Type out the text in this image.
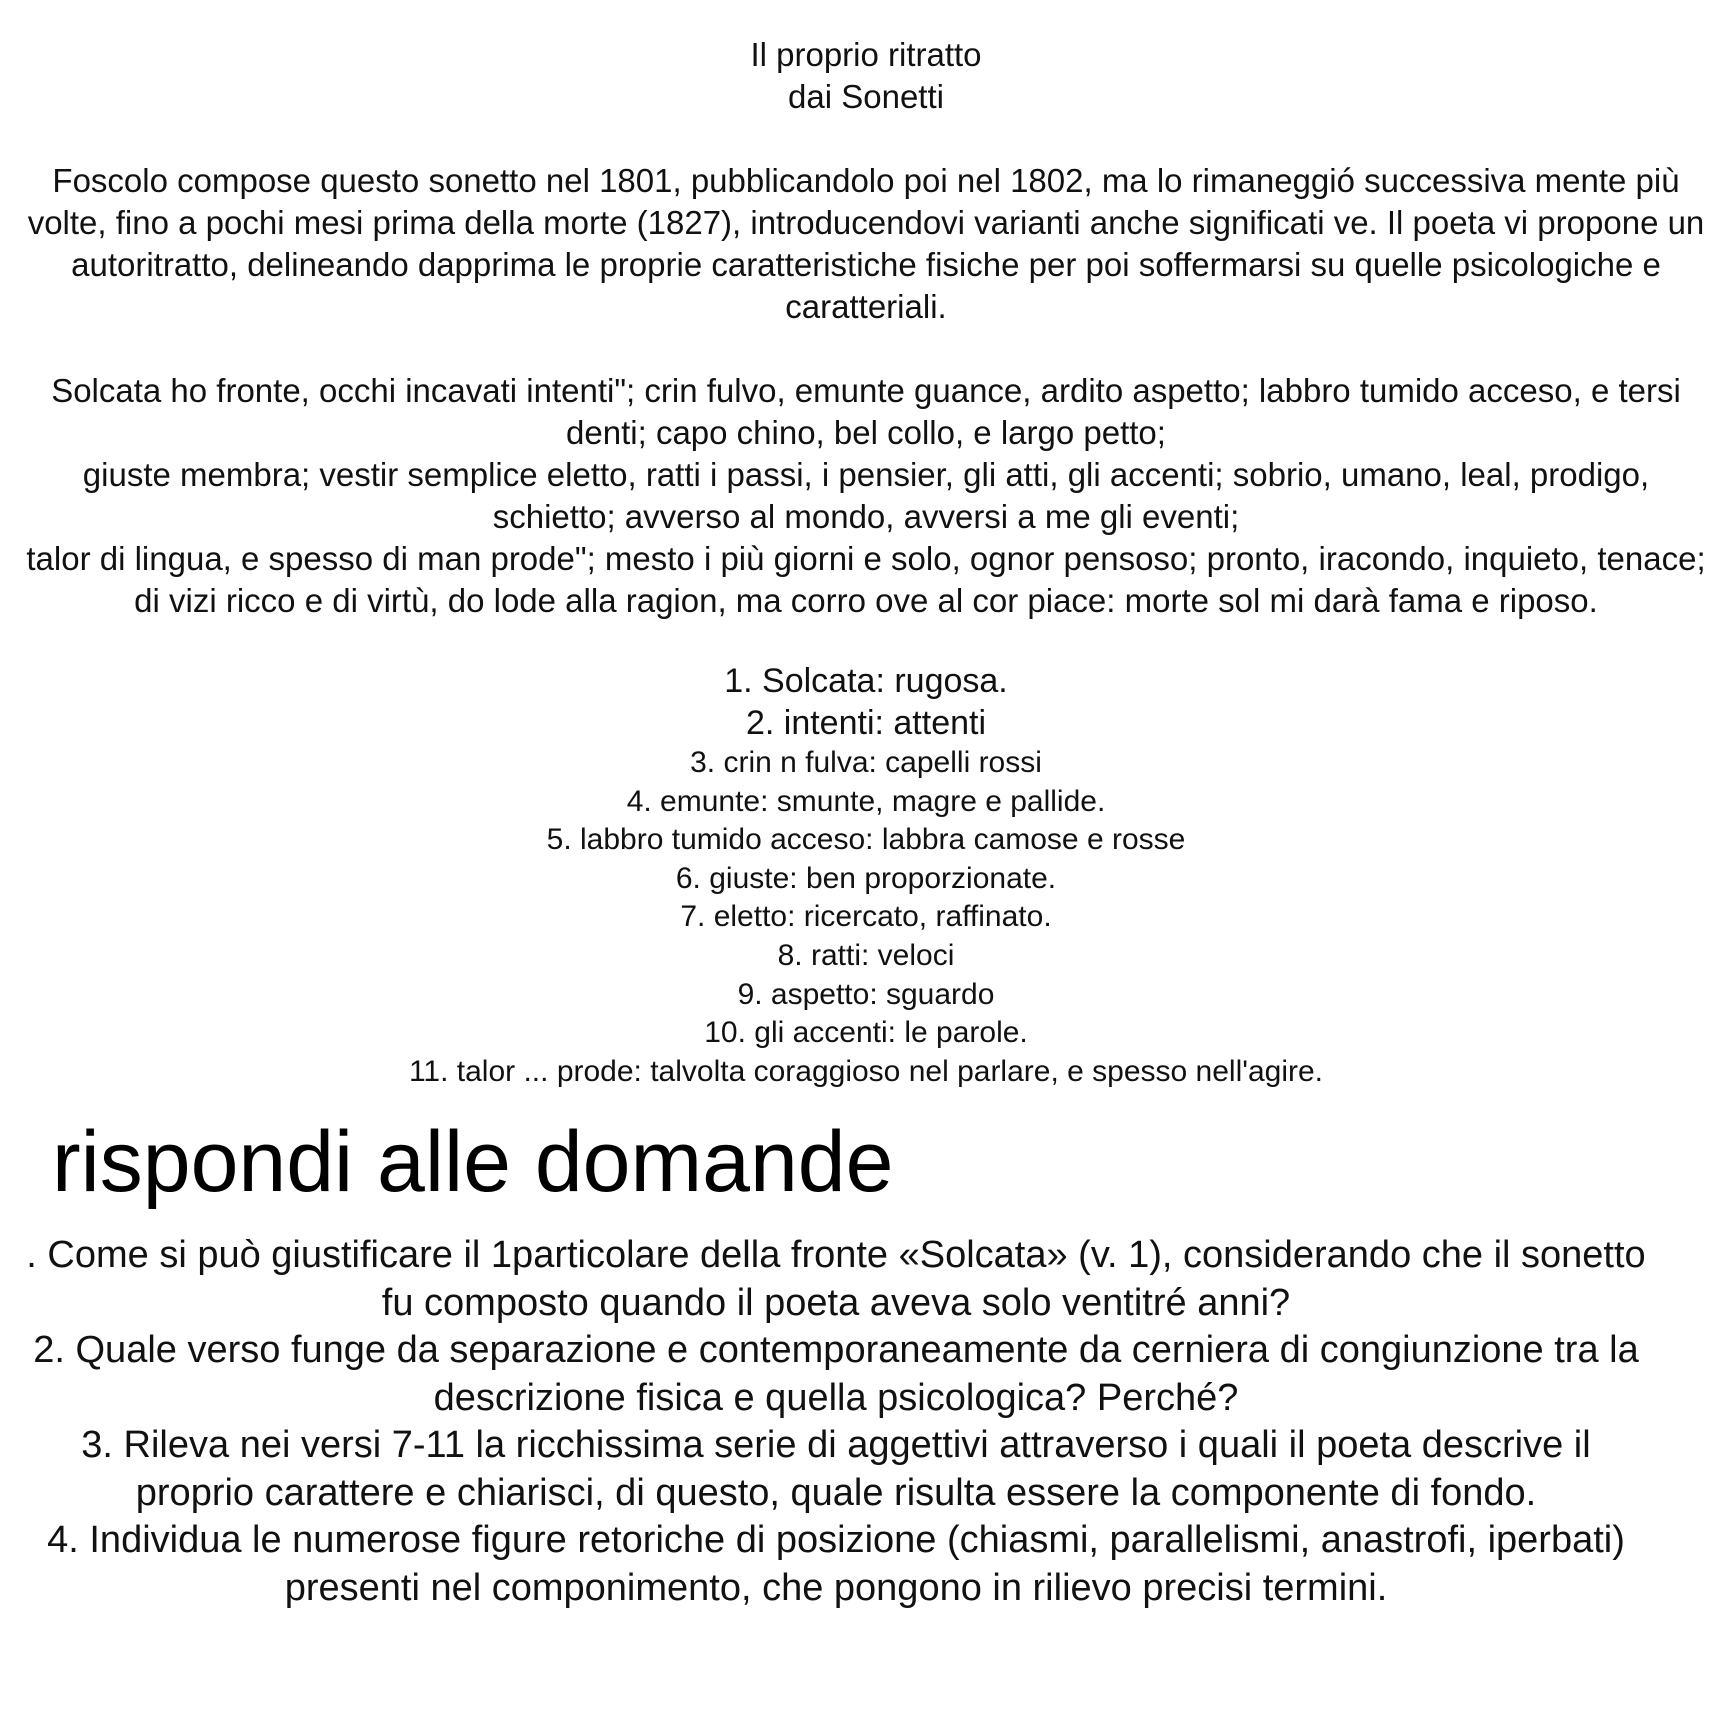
Il proprio ritratto
dai Sonetti
Foscolo compose questo sonetto nel 1801, pubblicandolo poi nel 1802, ma lo rimaneggió successiva mente più volte, fino a pochi mesi prima della morte (1827), introducendovi varianti anche significati ve. Il poeta vi propone un autoritratto, delineando dapprima le proprie caratteristiche fisiche per poi soffermarsi su quelle psicologiche e caratteriali.
Solcata ho fronte, occhi incavati intenti"; crin fulvo, emunte guance, ardito aspetto; labbro tumido acceso, e tersi denti; capo chino, bel collo, e largo petto;
giuste membra; vestir semplice eletto, ratti i passi, i pensier, gli atti, gli accenti; sobrio, umano, leal, prodigo, schietto; avverso al mondo, avversi a me gli eventi;
talor di lingua, e spesso di man prode"; mesto i più giorni e solo, ognor pensoso; pronto, iracondo, inquieto, tenace;
di vizi ricco e di virtù, do lode alla ragion, ma corro ove al cor piace: morte sol mi darà fama e riposo.
1. Solcata: rugosa.
2. intenti: attenti
3. crin n fulva: capelli rossi
4. emunte: smunte, magre e pallide.
5. labbro tumido acceso: labbra camose e rosse
6. giuste: ben proporzionate.
7. eletto: ricercato, raffinato.
8. ratti: veloci
9. aspetto: sguardo
10. gli accenti: le parole.
11. talor ... prode: talvolta coraggioso nel parlare, e spesso nell'agire.
rispondi alle domande
. Come si può giustificare il 1particolare della fronte «Solcata» (v. 1), considerando che il sonetto fu composto quando il poeta aveva solo ventitré anni?
2. Quale verso funge da separazione e contemporaneamente da cerniera di congiunzione tra la descrizione fisica e quella psicologica? Perché?
3. Rileva nei versi 7-11 la ricchissima serie di aggettivi attraverso i quali il poeta descrive il proprio carattere e chiarisci, di questo, quale risulta essere la componente di fondo.
4. Individua le numerose figure retoriche di posizione (chiasmi, parallelismi, anastrofi, iperbati) presenti nel componimento, che pongono in rilievo precisi termini.
